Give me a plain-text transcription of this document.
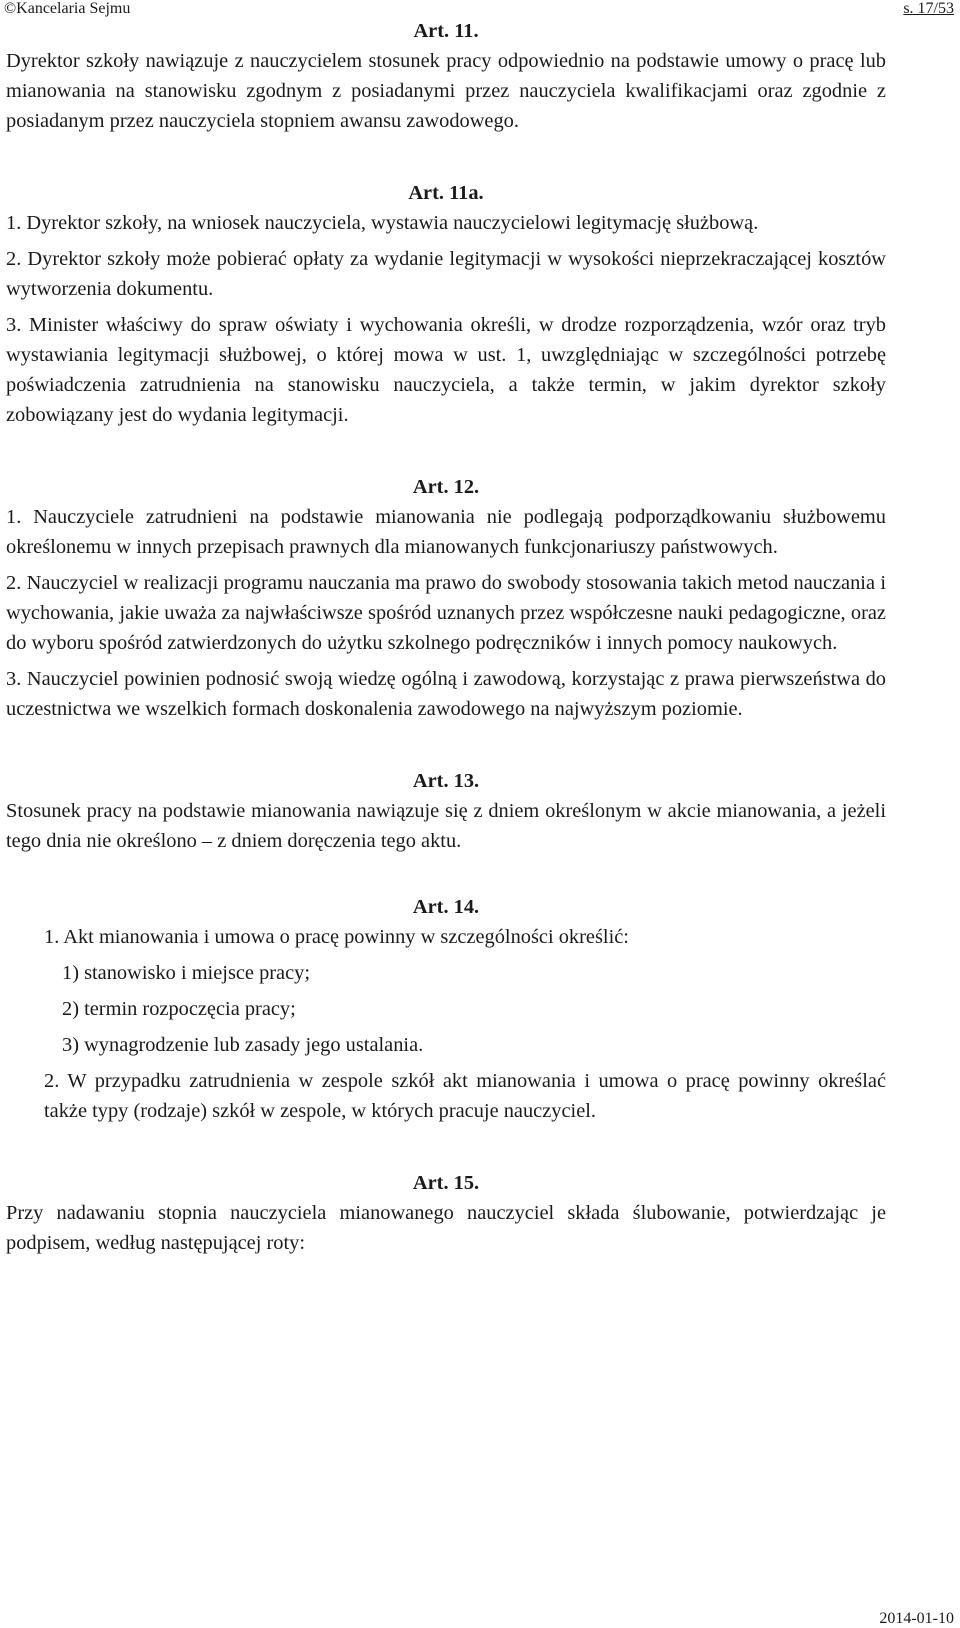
©Kancelaria Sejmu	s. 17/53

Art. 11.

Dyrektor szkoły nawiązuje z nauczycielem stosunek pracy odpowiednio na podstawie umowy o pracę lub mianowania na stanowisku zgodnym z posiadanymi przez nauczyciela kwalifikacjami oraz zgodnie z posiadanym przez nauczyciela stopniem awansu zawodowego.

Art. 11a.

1. Dyrektor szkoły, na wniosek nauczyciela, wystawia nauczycielowi legitymację służbową.

2. Dyrektor szkoły może pobierać opłaty za wydanie legitymacji w wysokości nieprzekraczającej kosztów wytworzenia dokumentu.

3. Minister właściwy do spraw oświaty i wychowania określi, w drodze rozporządzenia, wzór oraz tryb wystawiania legitymacji służbowej, o której mowa w ust. 1, uwzględniając w szczególności potrzebę poświadczenia zatrudnienia na stanowisku nauczyciela, a także termin, w jakim dyrektor szkoły zobowiązany jest do wydania legitymacji.

Art. 12.

1. Nauczyciele zatrudnieni na podstawie mianowania nie podlegają podporządkowaniu służbowemu określonemu w innych przepisach prawnych dla mianowanych funkcjonariuszy państwowych.

2. Nauczyciel w realizacji programu nauczania ma prawo do swobody stosowania takich metod nauczania i wychowania, jakie uważa za najwłaściwsze spośród uznanych przez współczesne nauki pedagogiczne, oraz do wyboru spośród zatwierdzonych do użytku szkolnego podręczników i innych pomocy naukowych.

3. Nauczyciel powinien podnosić swoją wiedzę ogólną i zawodową, korzystając z prawa pierwszeństwa do uczestnictwa we wszelkich formach doskonalenia zawodowego na najwyższym poziomie.

Art. 13.

Stosunek pracy na podstawie mianowania nawiązuje się z dniem określonym w akcie mianowania, a jeżeli tego dnia nie określono – z dniem doręczenia tego aktu.

Art. 14.

1. Akt mianowania i umowa o pracę powinny w szczególności określić:

1) stanowisko i miejsce pracy;

2) termin rozpoczęcia pracy;

3) wynagrodzenie lub zasady jego ustalania.

2. W przypadku zatrudnienia w zespole szkół akt mianowania i umowa o pracę powinny określać także typy (rodzaje) szkół w zespole, w których pracuje nauczyciel.

Art. 15.

Przy nadawaniu stopnia nauczyciela mianowanego nauczyciel składa ślubowanie, potwierdzając je podpisem, według następującej roty:

2014-01-10
